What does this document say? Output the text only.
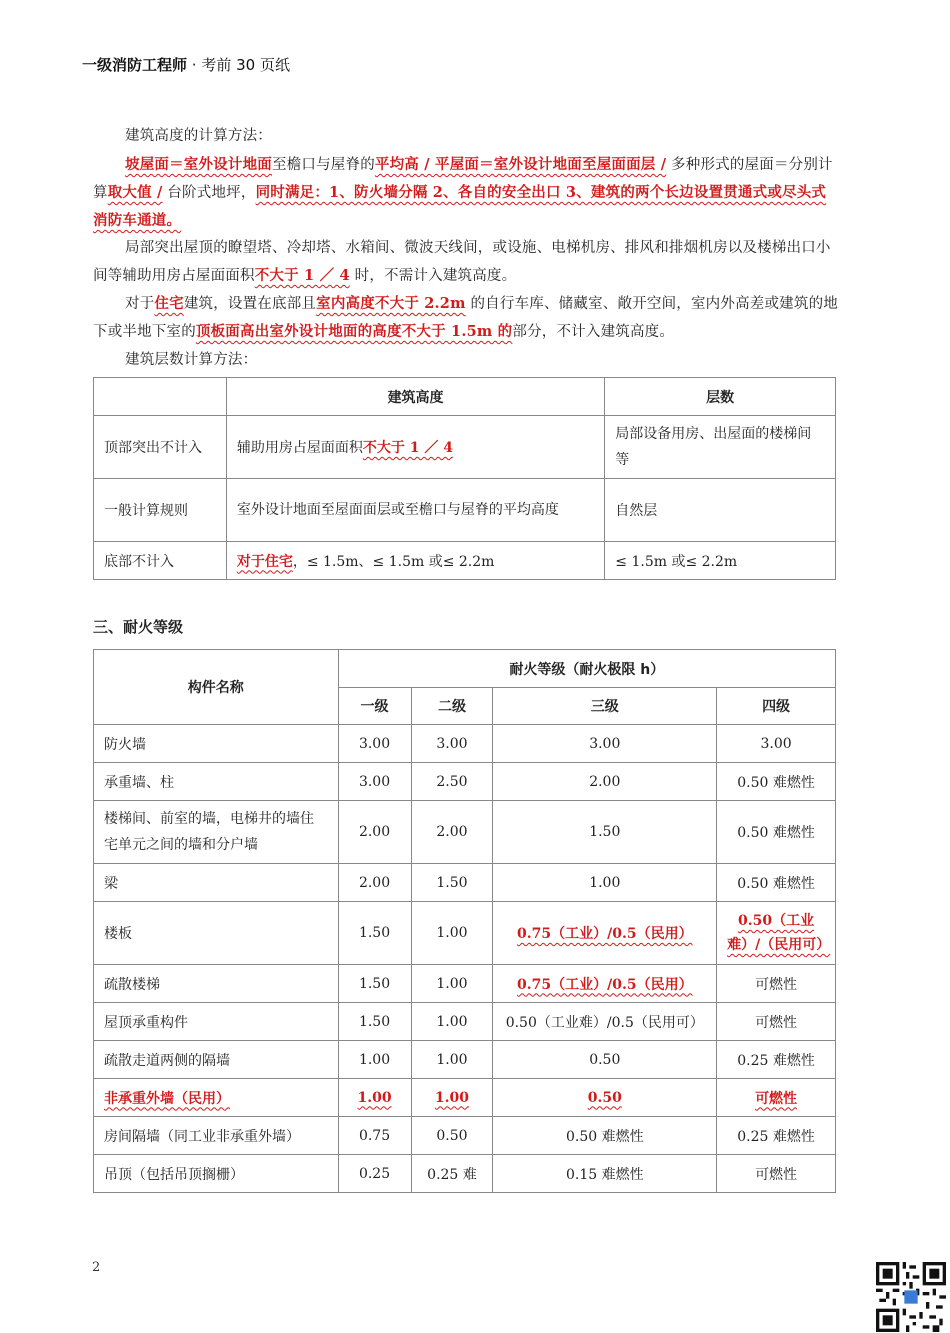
一级消防工程师 · 考前 30 页纸
建筑高度的计算方法：
坡屋面＝室外设计地面至檐口与屋脊的平均高 / 平屋面＝室外设计地面至屋面面层 / 多种形式的屋面＝分别计算取大值 / 台阶式地坪，同时满足：1、防火墙分隔 2、各自的安全出口 3、建筑的两个长边设置贯通式或尽头式消防车通道。
局部突出屋顶的瞭望塔、冷却塔、水箱间、微波天线间，或设施、电梯机房、排风和排烟机房以及楼梯出口小间等辅助用房占屋面面积不大于 1 ／ 4 时，不需计入建筑高度。
对于住宅建筑，设置在底部且室内高度不大于 2.2m 的自行车库、储藏室、敞开空间，室内外高差或建筑的地下或半地下室的顶板面高出室外设计地面的高度不大于 1.5m 的部分，不计入建筑高度。
建筑层数计算方法：
	建筑高度	层数
顶部突出不计入	辅助用房占屋面面积不大于 1 ／ 4	局部设备用房、出屋面的楼梯间等
一般计算规则	室外设计地面至屋面面层或至檐口与屋脊的平均高度	自然层
底部不计入	对于住宅，≤ 1.5m、≤ 1.5m 或≤ 2.2m	≤ 1.5m 或≤ 2.2m
三、耐火等级
构件名称	耐火等级（耐火极限 h）			
	一级	二级	三级	四级
防火墙	3.00	3.00	3.00	3.00
承重墙、柱	3.00	2.50	2.00	0.50 难燃性
楼梯间、前室的墙，电梯井的墙住宅单元之间的墙和分户墙	2.00	2.00	1.50	0.50 难燃性
梁	2.00	1.50	1.00	0.50 难燃性
楼板	1.50	1.00	0.75（工业）/0.5（民用）	0.50（工业难）/（民用可）
疏散楼梯	1.50	1.00	0.75（工业）/0.5（民用）	可燃性
屋顶承重构件	1.50	1.00	0.50（工业难）/0.5（民用可）	可燃性
疏散走道两侧的隔墙	1.00	1.00	0.50	0.25 难燃性
非承重外墙（民用）	1.00	1.00	0.50	可燃性
房间隔墙（同工业非承重外墙）	0.75	0.50	0.50 难燃性	0.25 难燃性
吊顶（包括吊顶搁栅）	0.25	0.25 难	0.15 难燃性	可燃性
2
